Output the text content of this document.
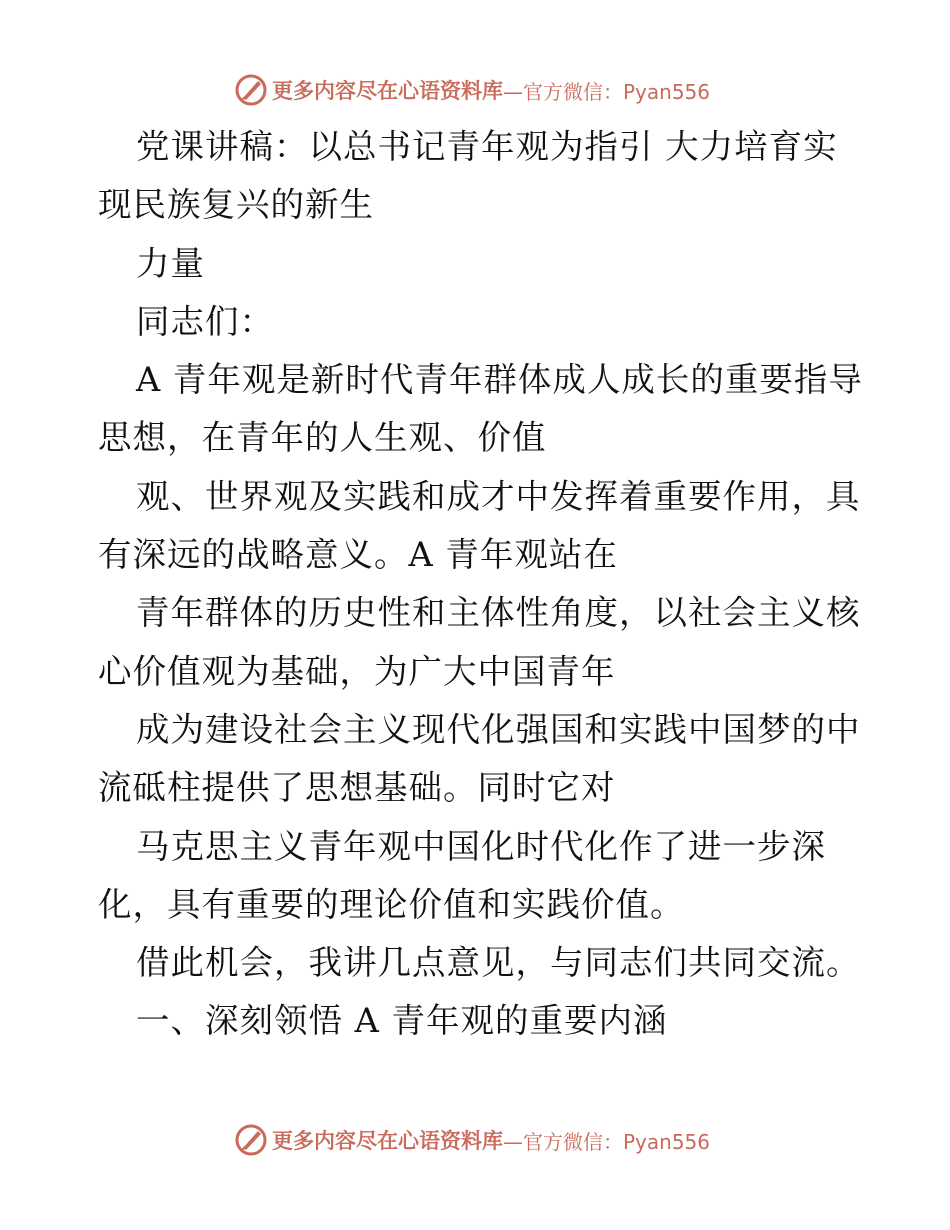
更多内容尽在心语资料库 —官方微信：Pyan556
党课讲稿：以总书记青年观为指引 大力培育实
现民族复兴的新生
力量
同志们：
A 青年观是新时代青年群体成人成长的重要指导
思想，在青年的人生观、价值
观、世界观及实践和成才中发挥着重要作用，具
有深远的战略意义。A 青年观站在
青年群体的历史性和主体性角度，以社会主义核
心价值观为基础，为广大中国青年
成为建设社会主义现代化强国和实践中国梦的中
流砥柱提供了思想基础。同时它对
马克思主义青年观中国化时代化作了进一步深
化，具有重要的理论价值和实践价值。
借此机会，我讲几点意见，与同志们共同交流。
一、深刻领悟 A 青年观的重要内涵
更多内容尽在心语资料库 —官方微信：Pyan556
